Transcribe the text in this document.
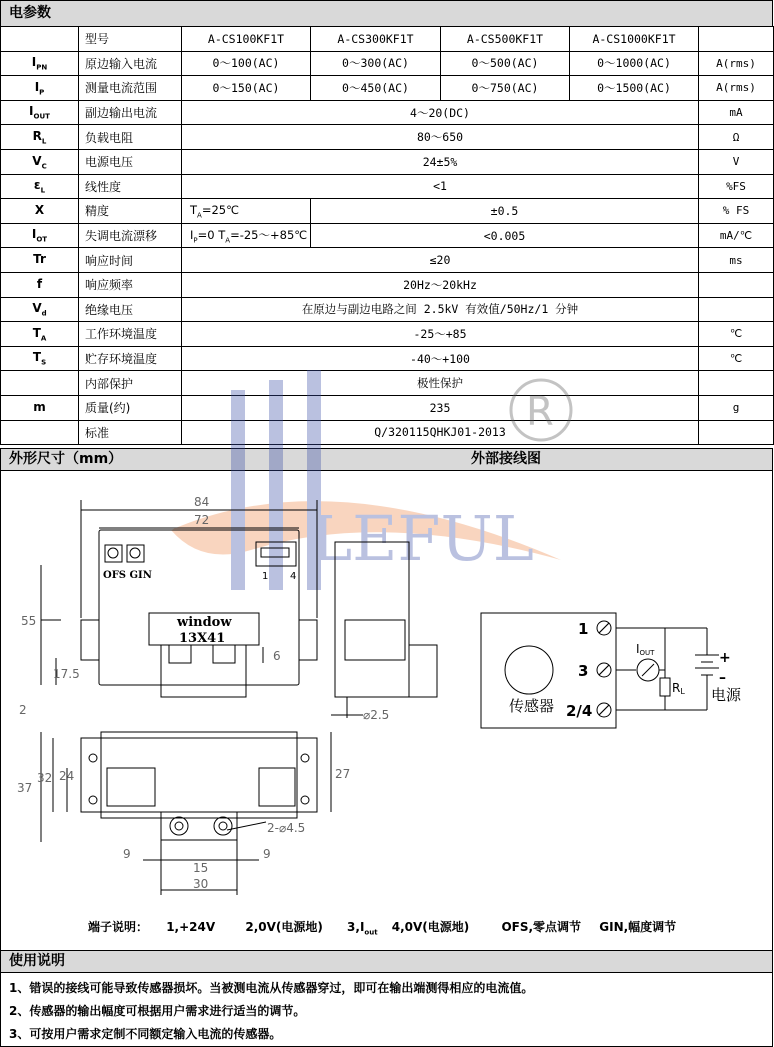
电参数
	型号	A-CS100KF1T	A-CS300KF1T	A-CS500KF1T	A-CS1000KF1T	
$I_{PN}$	原边输入电流	0～100(AC)	0～300(AC)	0～500(AC)	0～1000(AC)	A(rms)
$I_P$	测量电流范围	0～150(AC)	0～450(AC)	0～750(AC)	0～1500(AC)	A(rms)
$I_{OUT}$	副边输出电流	4～20(DC)				mA
$R_L$	负载电阻	80～650				Ω
$V_C$	电源电压	24±5%				V
$\varepsilon_L$	线性度	<1				%FS
X	精度	$T_A=25℃$	±0.5			% FS
$I_{OT}$	失调电流漂移	$I_P=0$ $T_A=-25\sim+85℃$	<0.005			mA/℃
Tr	响应时间	≤20				ms
f	响应频率	20Hz～20kHz				
$V_d$	绝缘电压	在原边与副边电路之间 2.5kV 有效值/50Hz/1 分钟				
$T_A$	工作环境温度	-25～+85				℃
$T_S$	贮存环境温度	-40～+100				℃
	内部保护	极性保护				
m	质量(约)	235				g
	标准	Q/320115QHKJ01-2013				
外形尺寸（mm）	外部接线图
LEFUL
R
84
72
55
17.5
2
6
⌀2.5
37
32 24	27
2-⌀4.5
9
15
9
30
window
13X41
OFS GIN	1 4
传感器
1
3
2/4
电源
+
–
IOUT
RL
端子说明： 1,+24V	2,0V(电源地) $3,I_{out}$ 4,0V(电源地)	OFS,零点调节 GIN,幅度调节
使用说明
1、错误的接线可能导致传感器损坏。当被测电流从传感器穿过，即可在输出端测得相应的电流值。
2、传感器的输出幅度可根据用户需求进行适当的调节。
3、可按用户需求定制不同额定输入电流的传感器。
